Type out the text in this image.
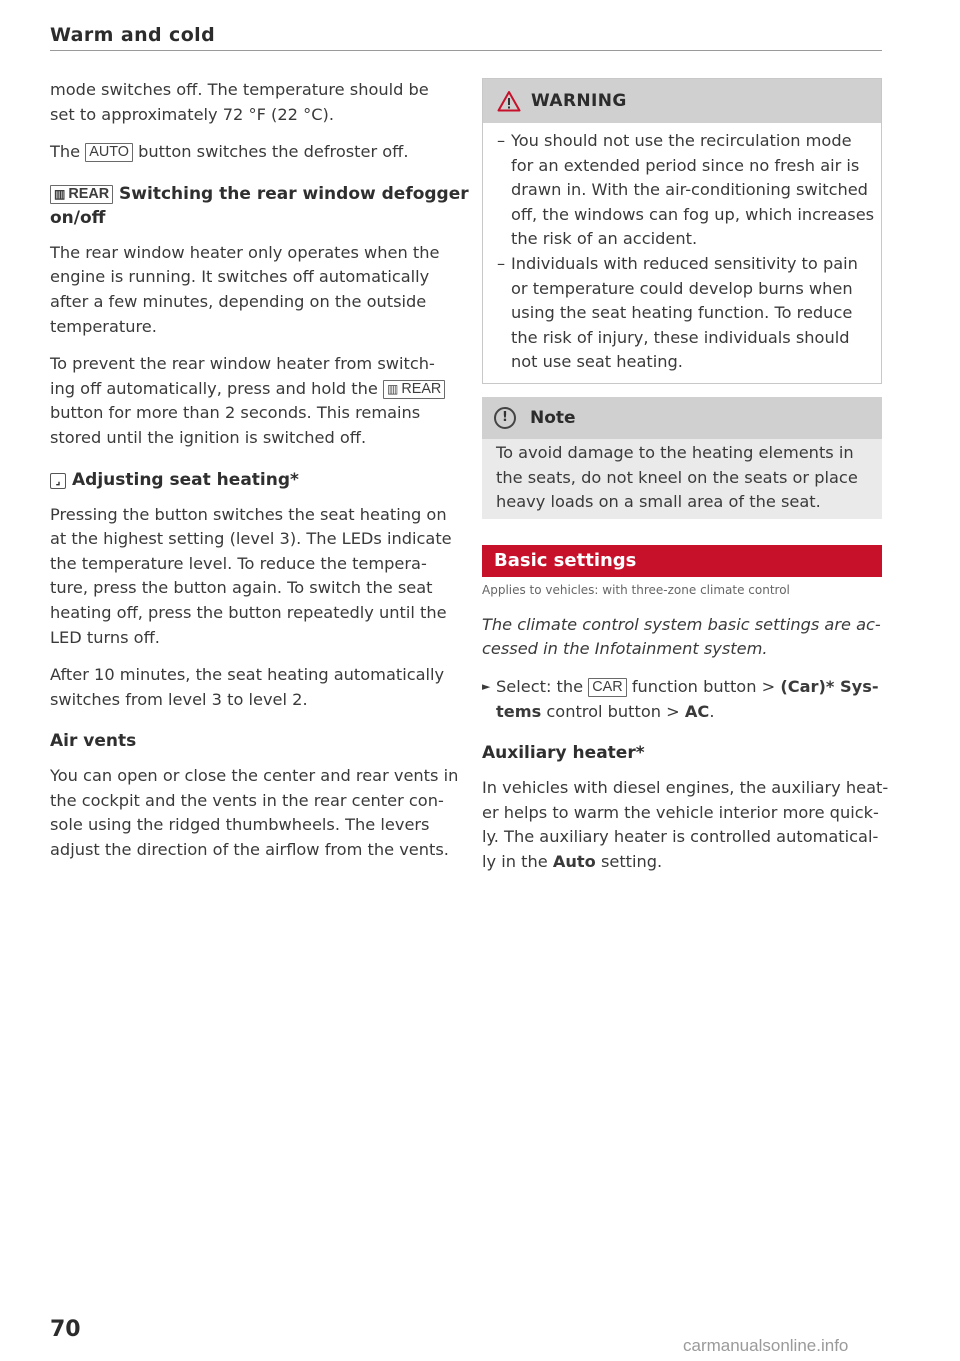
Warm and cold

mode switches off. The temperature should be
set to approximately 72 °F (22 °C).

The AUTO button switches the defroster off.

▥ REAR Switching the rear window defogger
on/off

The rear window heater only operates when the
engine is running. It switches off automatically
after a few minutes, depending on the outside
temperature.

To prevent the rear window heater from switch-
ing off automatically, press and hold the ▥ REAR
button for more than 2 seconds. This remains
stored until the ignition is switched off.

⌟ Adjusting seat heating*

Pressing the button switches the seat heating on
at the highest setting (level 3). The LEDs indicate
the temperature level. To reduce the tempera-
ture, press the button again. To switch the seat
heating off, press the button repeatedly until the
LED turns off.

After 10 minutes, the seat heating automatically
switches from level 3 to level 2.

Air vents

You can open or close the center and rear vents in
the cockpit and the vents in the rear center con-
sole using the ridged thumbwheels. The levers
adjust the direction of the airflow from the vents.

WARNING
– You should not use the recirculation mode
for an extended period since no fresh air is
drawn in. With the air-conditioning switched
off, the windows can fog up, which increases
the risk of an accident.
– Individuals with reduced sensitivity to pain
or temperature could develop burns when
using the seat heating function. To reduce
the risk of injury, these individuals should
not use seat heating.
!	Note
To avoid damage to the heating elements in
the seats, do not kneel on the seats or place
heavy loads on a small area of the seat.
Basic settings
Applies to vehicles: with three-zone climate control

The climate control system basic settings are ac-
cessed in the Infotainment system.

► Select: the CAR function button > (Car)* Sys-
tems control button > AC.

Auxiliary heater*

In vehicles with diesel engines, the auxiliary heat-
er helps to warm the vehicle interior more quick-
ly. The auxiliary heater is controlled automatical-
ly in the Auto setting.

70
carmanualsonline.info
